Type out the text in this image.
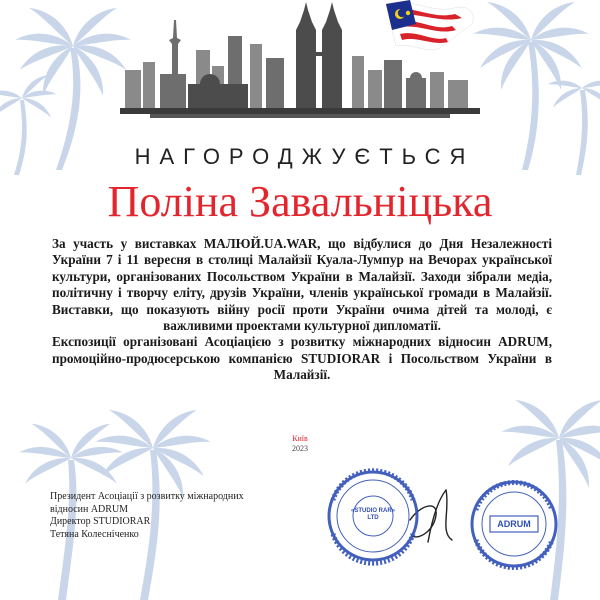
НАГОРОДЖУЄТЬСЯ
Поліна Завальніцька

За участь у виставках МАЛЮЙ.UA.WAR, що відбулися до Дня Незалежності України 7 і 11 вересня в столиці Малайзії Куала-Лумпур на Вечорах української культури, організованих Посольством України в Малайзії. Заходи зібрали медіа, політичну і творчу еліту, друзів України, членів української громади в Малайзії. Виставки, що показують війну росії проти України очима дітей та молоді, є важливими проектами культурної дипломатії.

Експозиції організовані Асоціацією з розвитку міжнародних відносин ADRUM, промоційно-продюсерською компанією STUDIORAR і Посольством України в Малайзії.

Київ
2023
Президент Асоціації з розвитку міжнародних
відносин ADRUM
Директор STUDIORAR
Тетяна Колесніченко
«STUDIO RAR» LTD
ADRUM
